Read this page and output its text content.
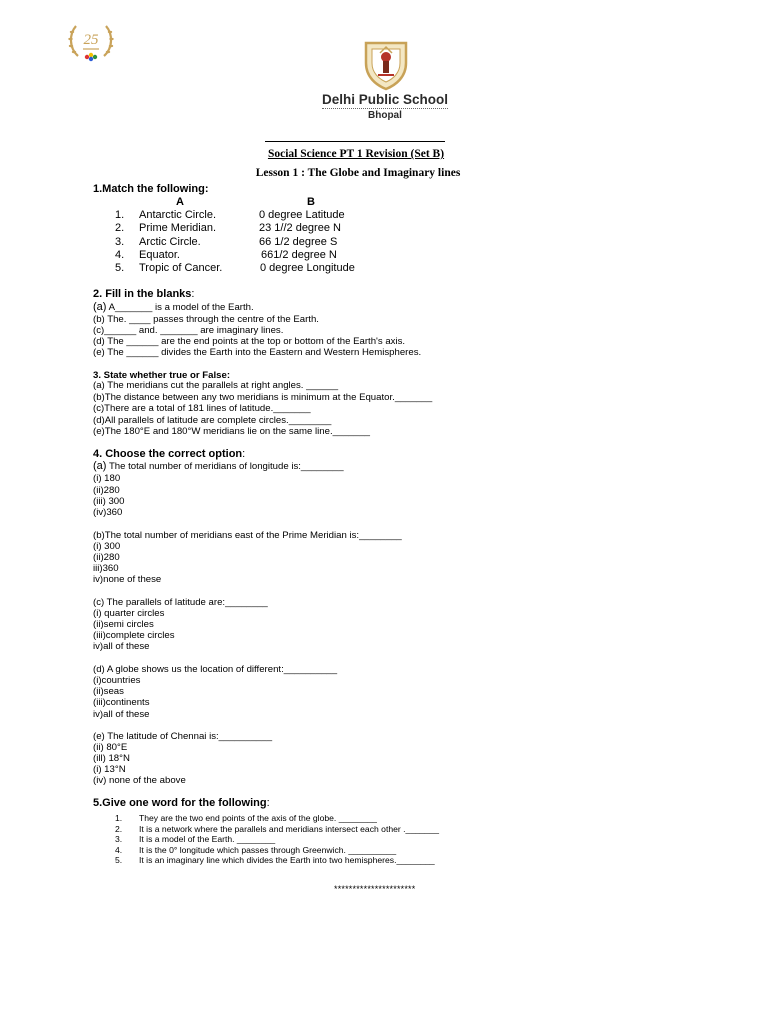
25
Delhi Public School
Bhopal
Social Science PT 1 Revision (Set B)
Lesson 1 : The Globe and Imaginary lines
1.Match the following:
A	B
1. Antarctic Circle.	0 degree Latitude
2. Prime Meridian.	23 1//2 degree N
3. Arctic Circle.	66 1/2 degree S
4. Equator.	661/2 degree N
5. Tropic of Cancer.	0 degree Longitude
2. Fill in the blanks:
(a) A_______ is a model of the Earth.
(b) The. ____ passes through the centre of the Earth.
(c)______ and. _______ are imaginary lines.
(d) The ______ are the end points at the top or bottom of the Earth's axis.
(e) The ______ divides the Earth into the Eastern and Western Hemispheres.
3. State whether true or False:
(a) The meridians cut the parallels at right angles. ______
(b)The distance between any two meridians is minimum at the Equator._______
(c)There are a total of 181 lines of latitude._______
(d)All parallels of latitude are complete circles.________
(e)The 180°E and 180°W meridians lie on the same line._______
4. Choose the correct option:
(a) The total number of meridians of longitude is:________
(i) 180
(ii)280
(iii) 300
(iv)360
(b)The total number of meridians east of the Prime Meridian is:________
(i) 300
(ii)280
iii)360
iv)none of these
(c) The parallels of latitude are:________
(i) quarter circles
(ii)semi circles
(iii)complete circles
iv)all of these
(d) A globe shows us the location of different:__________
(i)countries
(ii)seas
(iii)continents
iv)all of these
(e) The latitude of Chennai is:__________
(ii) 80°E
(ill) 18°N
(i) 13°N
(iv) none of the above
5.Give one word for the following:
1. They are the two end points of the axis of the globe. ________
2. It is a network where the parallels and meridians intersect each other ._______
3. It is a model of the Earth. ________
4. It is the 0° longitude which passes through Greenwich. __________
5. It is an imaginary line which divides the Earth into two hemispheres.________
**********************
